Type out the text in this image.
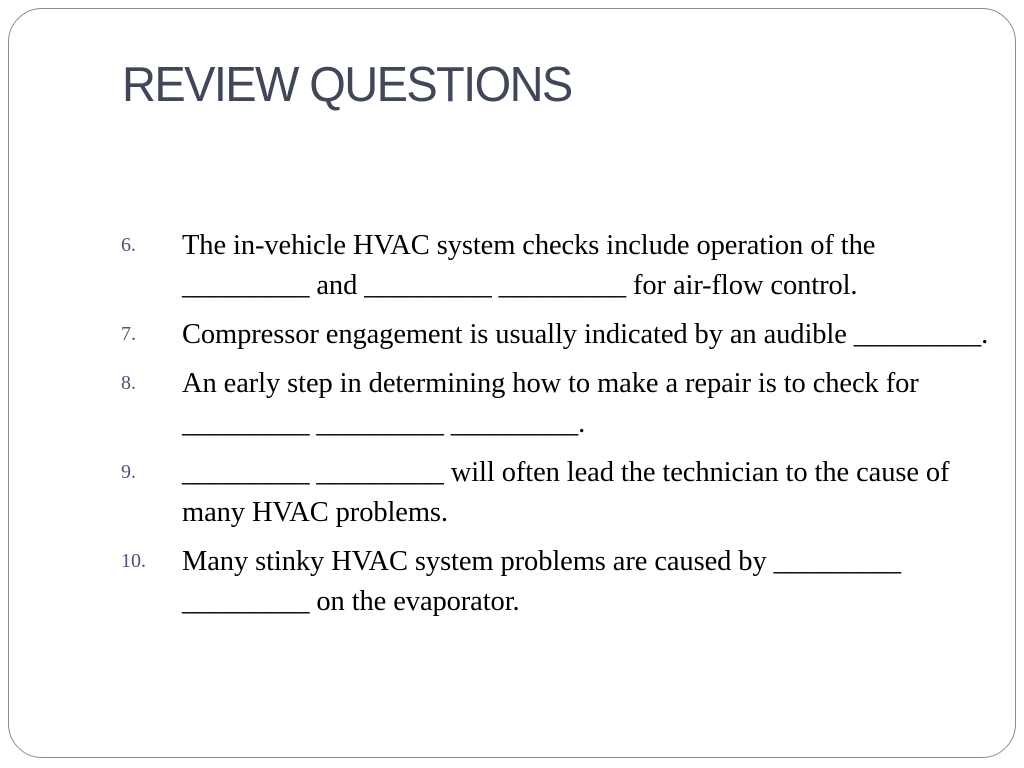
REVIEW QUESTIONS
6. The in-vehicle HVAC system checks include operation of the _________ and _________ _________ for air-flow control.
7. Compressor engagement is usually indicated by an audible _________.
8. An early step in determining how to make a repair is to check for _________ _________ _________.
9. _________ _________ will often lead the technician to the cause of many HVAC problems.
10. Many stinky HVAC system problems are caused by _________ _________ on the evaporator.
